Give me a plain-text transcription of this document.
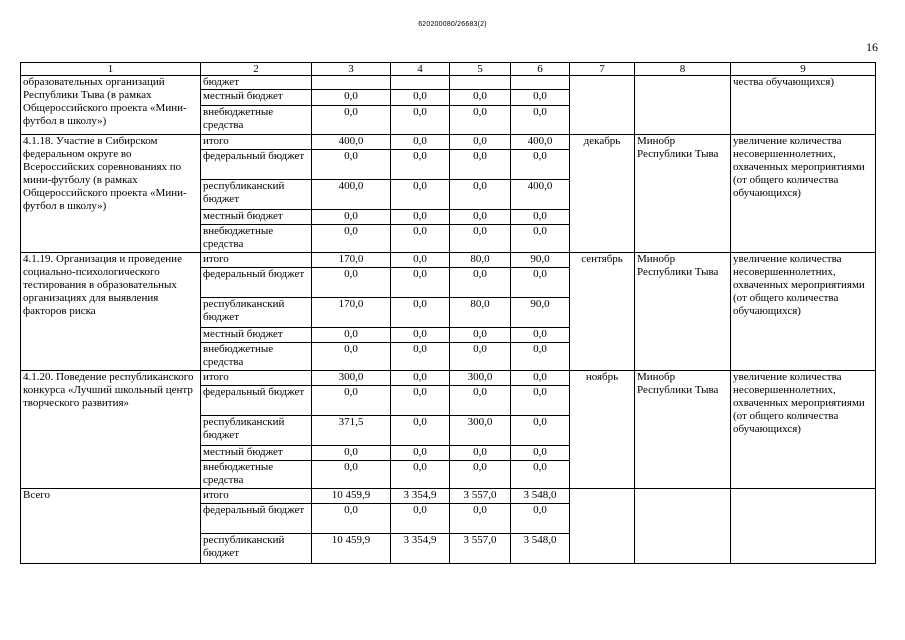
620200080/26683(2)
16
1	2	3	4	5	6	7	8	9
образовательных организаций Республики Тыва (в рамках Общероссийского проекта «Мини-футбол в школу»)	бюджет							чества обучающихся)
	местный бюджет	0,0	0,0	0,0	0,0			
	внебюджетные средства	0,0	0,0	0,0	0,0			
4.1.18. Участие в Сибирском федеральном округе во Всероссийских соревнованиях по мини-футболу (в рамках Общероссийского проекта «Мини-футбол в школу»)	итого	400,0	0,0	0,0	400,0	декабрь	Минобр Республики Тыва	увеличение количества несовершеннолетних, охваченных мероприятиями (от общего количества обучающихся)
	федеральный бюджет	0,0	0,0	0,0	0,0			
	республиканский бюджет	400,0	0,0	0,0	400,0			
	местный бюджет	0,0	0,0	0,0	0,0			
	внебюджетные средства	0,0	0,0	0,0	0,0			
4.1.19. Организация и проведение социально-психологического тестирования в образовательных организациях для выявления факторов риска	итого	170,0	0,0	80,0	90,0	сентябрь	Минобр Республики Тыва	увеличение количества несовершеннолетних, охваченных мероприятиями (от общего количества обучающихся)
	федеральный бюджет	0,0	0,0	0,0	0,0			
	республиканский бюджет	170,0	0,0	80,0	90,0			
	местный бюджет	0,0	0,0	0,0	0,0			
	внебюджетные средства	0,0	0,0	0,0	0,0			
4.1.20. Поведение республиканского конкурса «Лучший школьный центр творческого развития»	итого	300,0	0,0	300,0	0,0	ноябрь	Минобр Республики Тыва	увеличение количества несовершеннолетних, охваченных мероприятиями (от общего количества обучающихся)
	федеральный бюджет	0,0	0,0	0,0	0,0			
	республиканский бюджет	371,5	0,0	300,0	0,0			
	местный бюджет	0,0	0,0	0,0	0,0			
	внебюджетные средства	0,0	0,0	0,0	0,0			
Всего	итого	10 459,9	3 354,9	3 557,0	3 548,0			
	федеральный бюджет	0,0	0,0	0,0	0,0			
	республиканский бюджет	10 459,9	3 354,9	3 557,0	3 548,0			
